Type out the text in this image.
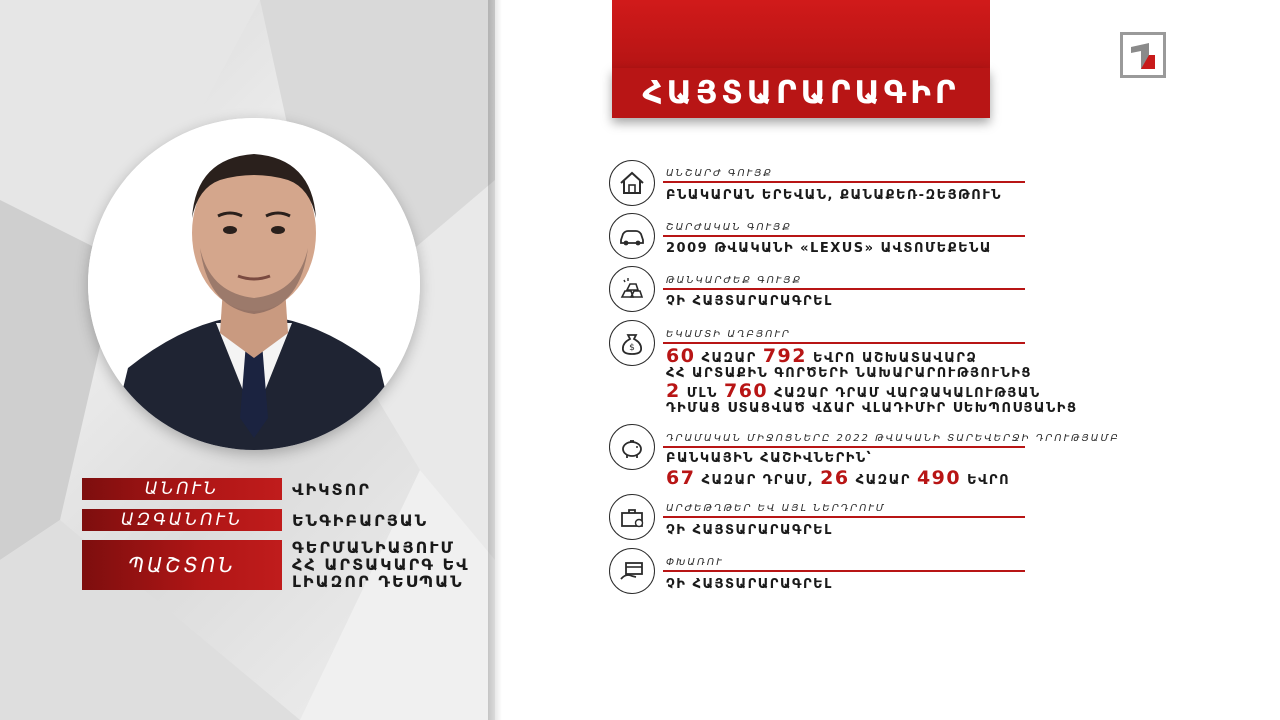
ԱՆՈՒՆ	ՎԻԿՏՈՐ
ԱԶԳԱՆՈՒՆ	ԵՆԳԻԲԱՐՅԱՆ
ՊԱՇՏՈՆ
ԳԵՐՄԱՆԻԱՅՈՒՄ
ՀՀ ԱՐՏԱԿԱՐԳ ԵՎ
ԼԻԱԶՈՐ ԴԵՍՊԱՆ
ՀԱՅՏԱՐԱՐԱԳԻՐ
ԱՆՇԱՐԺ ԳՈՒՅՔ
ԲՆԱԿԱՐԱՆ ԵՐԵՎԱՆ, ՔԱՆԱՔԵՌ-ԶԵՅԹՈՒՆ
ՇԱՐԺԱԿԱՆ ԳՈՒՅՔ
2009 ԹՎԱԿԱՆԻ «LEXUS» ԱՎՏՈՄԵՔԵՆԱ
ԹԱՆԿԱՐԺԵՔ ԳՈՒՅՔ
ՉԻ ՀԱՅՏԱՐԱՐԱԳՐԵԼ
$
ԵԿԱՄՏԻ ԱՂԲՅՈՒՐ
60 ՀԱԶԱՐ 792 ԵՎՐՈ ԱՇԽԱՏԱՎԱՐՁ
ՀՀ ԱՐՏԱՔԻՆ ԳՈՐԾԵՐԻ ՆԱԽԱՐԱՐՈՒԹՅՈՒՆԻՑ
2 ՄԼՆ 760 ՀԱԶԱՐ ԴՐԱՄ ՎԱՐՁԱԿԱԼՈՒԹՅԱՆ
ԴԻՄԱՑ ՍՏԱՑՎԱԾ ՎՃԱՐ ՎԼԱԴԻՄԻՐ ՍԵԽՊՈՍՅԱՆԻՑ
ԴՐԱՄԱԿԱՆ ՄԻՋՈՑՆԵՐԸ 2022 ԹՎԱԿԱՆԻ ՏԱՐԵՎԵՐՋԻ ԴՐՈՒԹՅԱՄԲ
ԲԱՆԿԱՅԻՆ ՀԱՇԻՎՆԵՐԻՆ՝
67 ՀԱԶԱՐ ԴՐԱՄ, 26 ՀԱԶԱՐ 490 ԵՎՐՈ
ԱՐԺԵԹՂԹԵՐ ԵՎ ԱՅԼ ՆԵՐԴՐՈՒՄ
ՉԻ ՀԱՅՏԱՐԱՐԱԳՐԵԼ
ՓԽԱՌՈՒ
ՉԻ ՀԱՅՏԱՐԱՐԱԳՐԵԼ
